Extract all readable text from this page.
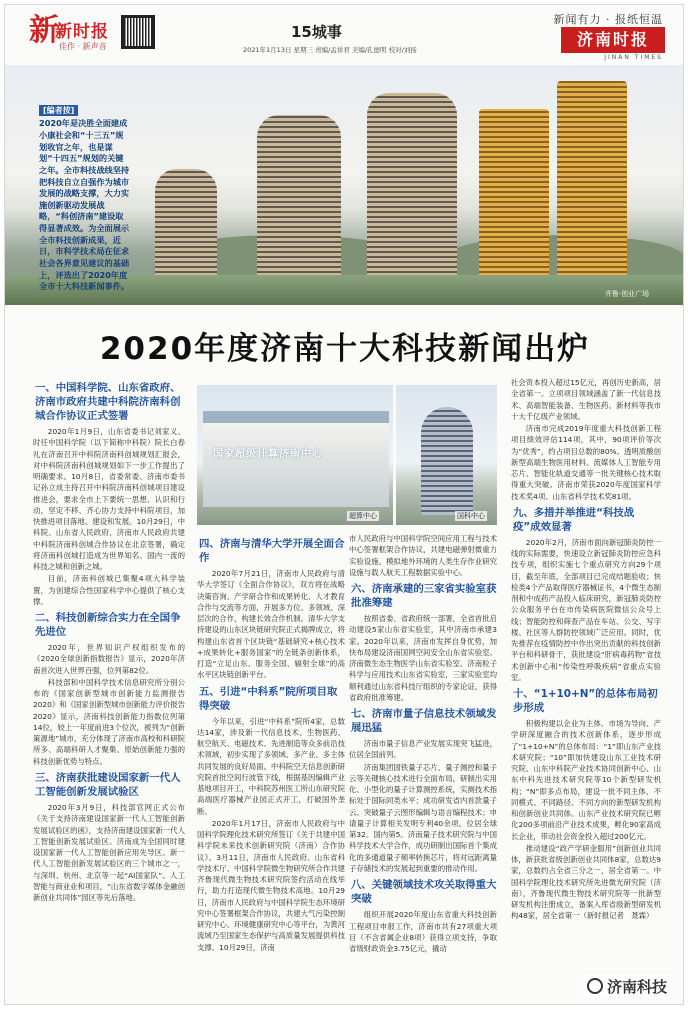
新
新时报
佳作 · 新声音
15城事
2021年1月13日 星期三 责编/孟祥君 美编/孔德明 校对/刘扬
新闻有力 · 报纸恒温
济南时报
JINAN TIMES
[编者按]
2020年是决胜全面建成小康社会和“十三五”规划收官之年，也是谋划“十四五”规划的关键之年。全市科技战线坚持把科技自立自强作为城市发展的战略支撑，大力实施创新驱动发展战略，“科创济南”建设取得显著成效。为全面展示全市科技创新成果，近日，市科学技术局在征求社会各界意见建议的基础上，评选出了2020年度全市十大科技新闻事件。
齐鲁·创业广场
2020年度济南十大科技新闻出炉
一、中国科学院、山东省政府、济南市政府共建中科院济南科创城合作协议正式签署

2020年1月9日，山东省委书记刘家义、时任中国科学院（以下简称中科院）院长白春礼在济南召开中科院济南科创城规划汇报会，对中科院济南科创城规划如下一步工作提出了明确要求。10月8日，省委常委、济南市委书记孙立成主持召开中科院济南科创城项目建设推进会，要求全市上下要统一思想、认识和行动，坚定不移、齐心协力支持中科院项目，加快推进项目落地、建设和发展。10月29日，中科院、山东省人民政府、济南市人民政府共建中科院济南科创城合作协议在北京签署，确定将济南科创城打造成为世界知名、国内一流的科技之城和创新之城。

目前，济南科创城已集聚4项大科学装置，为创建综合性国家科学中心提供了核心支撑。

二、科技创新综合实力在全国争先进位

2020年，世界知识产权组织发布的《2020全球创新指数报告》显示，2020年济南首次进入世界百强，位列第82位。

科技部和中国科学技术信息研究所分别公布的《国家创新型城市创新能力监测报告2020》和《国家创新型城市创新能力评价报告2020》显示，济南科技创新能力指数位列第14位，较上一年度前进3个位次，被列为“创新策源地”城市，充分体现了济南市高校和科研院所多、高端科研人才聚集、原始创新能力强的科技创新优势与特点。

三、济南获批建设国家新一代人工智能创新发展试验区

2020年3月9日，科技部官网正式公布《关于支持济南建设国家新一代人工智能创新发展试验区的函》，支持济南建设国家新一代人工智能创新发展试验区。济南成为全国同时建设国家新一代人工智能创新应用先导区、新一代人工智能创新发展试验区的三个城市之一，与深圳、杭州、北京等一起“AI国家队”。人工智能与商业业和项目，“山东省数字媒体金融创新创业共同体”园区等先后落地。

国家超级计算济南中心
超算中心	国科中心
四、济南与清华大学开展全面合作

2020年7月21日，济南市人民政府与清华大学签订《全面合作协议》，双方将在战略决策咨询、产学研合作和成果转化、人才教育合作与交流等方面，开展多方位、多领域、深层次的合作，构建长效合作机制。清华大学支持建设的山东区块链研究院正式揭牌成立，将构建山东省首个区块链“基础研究+核心技术+成果转化+服务国家”的全链条创新体系，打造“立足山东、服务全国、辐射全球”的高水平区块链创新平台。

五、引进“中科系”院所项目取得突破

今年以来，引进“中科系”院所4家，总数达14家，涉及新一代信息技术、生物医药、航空航天、电磁技术、先进制造等众多前沿技术领域，初步实现了多领域、多产业、多主体共同发展的良好局面。中科院空天信息创新研究院首批空间行波管下线，根据基因编辑产业基地项目开工，中科院苏州医工所山东研究院高端医疗器械产业园正式开工，打破国外垄断。

2020年1月17日，济南市人民政府与中国科学院理化技术研究所签订《关于共建中国科学院未来技术创新研究院（济南）合作协议》。3月11日，济南市人民政府、山东省科学技术厅、中国科学院微生物研究所合作共建齐鲁现代微生物技术研究院签约活动在线举行，助力打造现代微生物技术高地。10月29日，济南市人民政府与中国科学院生态环境研究中心签署框架合作协议，共建大气污染控制研究中心、环境健康研究中心等平台，为黄河流域乃至国家生态保护与高质量发展提供科技支撑。10月29日，济南

市人民政府与中国科学院空间应用工程与技术中心签署框架合作协议，共建电磁弹射微重力实验设施、模拟地外环境的人类生存作业研究设施与载人航天工程数据实验中心。

六、济南承建的三家省实验室获批准筹建

按照省委、省政府统一部署，全省首批启动建设5家山东省实验室，其中济南市承建3家。2020年以来，济南市发挥自身优势，加快布局建设济南国网空间安全山东省实验室、济南微生态生物医学山东省实验室、济南粒子科学与应用技术山东省实验室，三家实验室均顺利通过山东省科技厅组织的专家论证，获得省政府批准筹建。

七、济南市量子信息技术领域发展迅猛

济南市量子信息产业发展实现突飞猛进，位居全国前列。

济南集团国铁量子芯片、量子测控和量子云等关键核心技术进行全面布局，研制出实用化、小型化的量子计算测控系统，实测技术指标处于国际同类水平；成功研发省内首款量子云、突破量子云图形编辑与语言编程技术；申请量子计算相关发明专利40余项，位居全球第32。国内第5。济南量子技术研究院与中国科学技术大学合作，成功研制出国际首个集成化的多通道量子频率转换芯片，将对远距离量子存储技术的发展起到重要的推动作用。

八、关键领域技术攻关取得重大突破

组织开展2020年度山东省重大科技创新工程项目申报工作，济南市共有27项重大项目（不含省属企业8项）获得立项支持，争取省级财政资金3.75亿元，撬动

社会资本投入超过15亿元，再创历史新高，居全省第一。立项项目领域涵盖了新一代信息技术、高端智能装备、生物医药、新材料等我市十大千亿级产业领域。

济南市完成2019年度重大科技创新工程项目绩效评估114项，其中，90项评价等次为“优秀”，约占项目总数的80%。透明质酸创新型高端生物医用材料、流媒体人工智能专用芯片、智能化轨道交通等一批关键核心技术取得重大突破。济南市荣获2020年度国家科学技术奖4项、山东省科学技术奖81项。

九、多措并举推进“科技战疫”成效显著

2020年2月，济南市面向新冠肺炎防控一线的实际需要，快速设立新冠肺炎防控应急科技专项，组织实施七个重点研究方向29个项目，截至年底，全部项目已完成结题验收；快检类4个产品取得医疗器械证书，4个微生态制剂和中成药产品投入临床研究，新冠肺炎防控公众服务平台在市传染病医院微信公众号上线；智能防控和筛查产品在车站、公交、写字楼、社区等人群防控领域广泛应用。同时，优先推荐在疫情防控中作出突出贡献的科技创新平台和科研骨干，获批建设“肝病毒药物”省技术创新中心和“传染性呼吸疾病”省重点实验室。

十、“1+10+N”的总体布局初步形成

积极构建以企业为主体、市场为导向、产学研深度融合的技术创新体系，逐步形成了“1+10+N”的总体布局：“1”即山东产业技术研究院；“10”即加快建设山东工业技术研究院、山东中科院产业技术协同创新中心、山东中科先进技术研究院等10个新型研发机构；“N”即多点布局，建设一批不同主体、不同模式、不同路径、不同方向的新型研发机构和创新创业共同体。山东产业技术研究院已孵化200多项前沿产业技术成果，孵化90家高成长企业，带动社会资金投入超过200亿元。

推动建设“政产学研金服用”创新创业共同体，新获批省级创新创业共同体8家，总数达9家，总数约占全省三分之一，居全省第一。中国科学院理化技术研究所先进微光研究院（济南），齐鲁现代微生物技术研究院等一批新型研发机构注册成立，备案入库省级新型研发机构48家，居全省第一（新时报记者　聂霖）

济南科技
